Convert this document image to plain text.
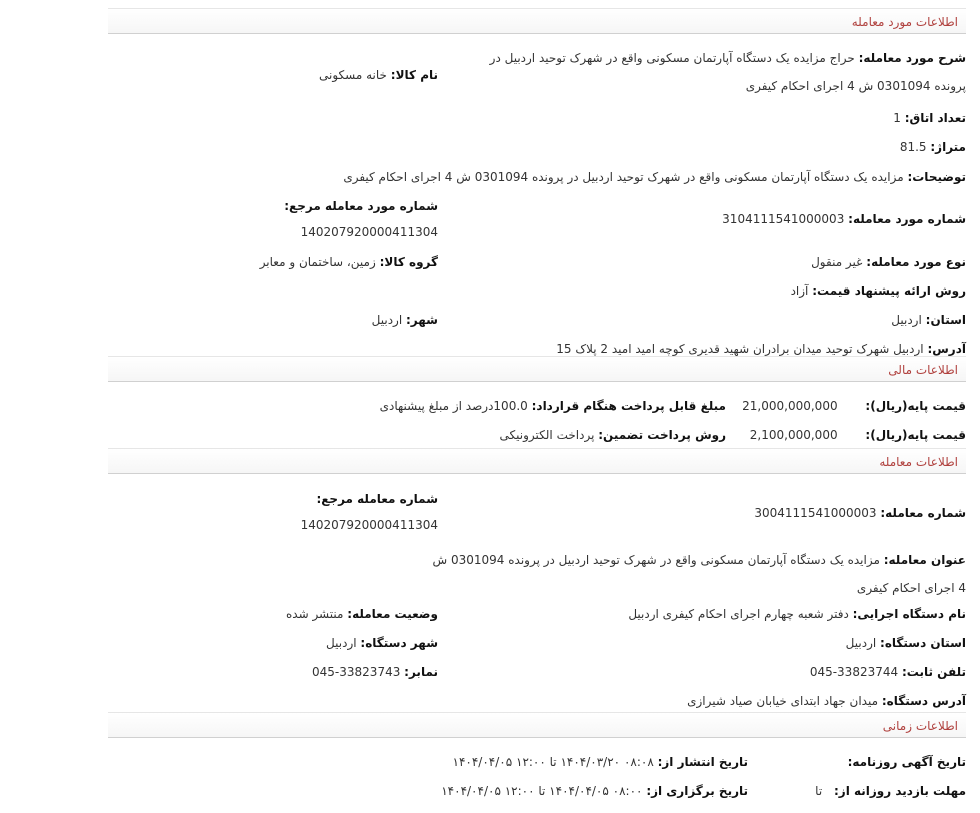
اطلاعات مورد معامله
شرح مورد معامله: حراج مزایده یک دستگاه آپارتمان مسکونی واقع در شهرک توحید اردبیل در پرونده 0301094 ش 4 اجرای احکام کیفری
نام کالا: خانه مسکونی
تعداد اتاق: 1
متراژ: 81.5
توضیحات: مزایده یک دستگاه آپارتمان مسکونی واقع در شهرک توحید اردبیل در پرونده 0301094 ش 4 اجرای احکام کیفری
شماره مورد معامله مرجع:
140207920000411304
شماره مورد معامله: 3104111541000003
گروه کالا: زمین، ساختمان و معابر	نوع مورد معامله: غیر منقول
روش ارائه پیشنهاد قیمت: آزاد
شهر: اردبیل	استان: اردبیل
آدرس: اردبیل شهرک توحید میدان برادران شهید قدیری کوچه امید امید 2 پلاک 15
اطلاعات مالی
قیمت پایه(ریال): 21,000,000,000
مبلغ قابل پرداخت هنگام قرارداد: 100.0درصد از مبلغ پیشنهادی
قیمت پایه(ریال): 2,100,000,000
روش پرداخت تضمین: پرداخت الکترونیکی
اطلاعات معامله
شماره معامله مرجع:
140207920000411304
شماره معامله: 3004111541000003
عنوان معامله: مزایده یک دستگاه آپارتمان مسکونی واقع در شهرک توحید اردبیل در پرونده 0301094 ش 4 اجرای احکام کیفری
وضعیت معامله: منتشر شده	نام دستگاه اجرایی: دفتر شعبه چهارم اجرای احکام کیفری اردبیل
شهر دستگاه: اردبیل	استان دستگاه: اردبیل
نمابر: 045-33823743	تلفن ثابت: 045-33823744
آدرس دستگاه: میدان جهاد ابتدای خیابان صیاد شیرازی
اطلاعات زمانی
تاریخ آگهی روزنامه:
تاریخ انتشار از: ۰۸:۰۸ ۱۴۰۴/۰۳/۲۰ تا ۱۲:۰۰ ۱۴۰۴/۰۴/۰۵
مهلت بازدید روزانه از: تا
تاریخ برگزاری از: ۰۸:۰۰ ۱۴۰۴/۰۴/۰۵ تا ۱۲:۰۰ ۱۴۰۴/۰۴/۰۵
